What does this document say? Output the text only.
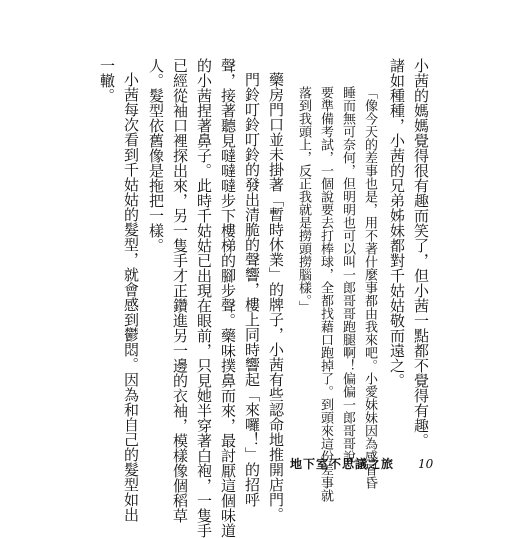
小茜的媽媽覺得很有趣而笑了，但小茜一點都不覺得有趣。
諸如種種，小茜的兄弟姊妹都對千姑姑敬而遠之。
「像今天的差事也是，用不著什麼事都由我來吧。小愛妹妹因為感冒昏
睡而無可奈何，但明明也可以叫一郎哥哥跑腿啊！偏偏一郎哥哥說
要準備考試，一個說要去打棒球，全都找藉口跑掉了。到頭來這份差事就
落到我頭上，反正我就是撈頭撈腦樣。」
藥房門口並未掛著「暫時休業」的牌子，小茜有些認命地推開店門。
門鈴叮鈴叮鈴的發出清脆的聲響，樓上同時響起「來囉！」的招呼
聲，接著聽見噠噠噠步下樓梯的腳步聲。藥味撲鼻而來，最討厭這個味道
的小茜捏著鼻子。此時千姑姑已出現在眼前，只見她半穿著白袍，一隻手
已經從袖口裡探出來，另一隻手才正鑽進另一邊的衣袖，模樣像個稻草
人。髮型依舊像是拖把一樣。
小茜每次看到千姑姑的髮型，就會感到鬱悶。因為和自己的髮型如出
一轍。
地下室不思議之旅 10
